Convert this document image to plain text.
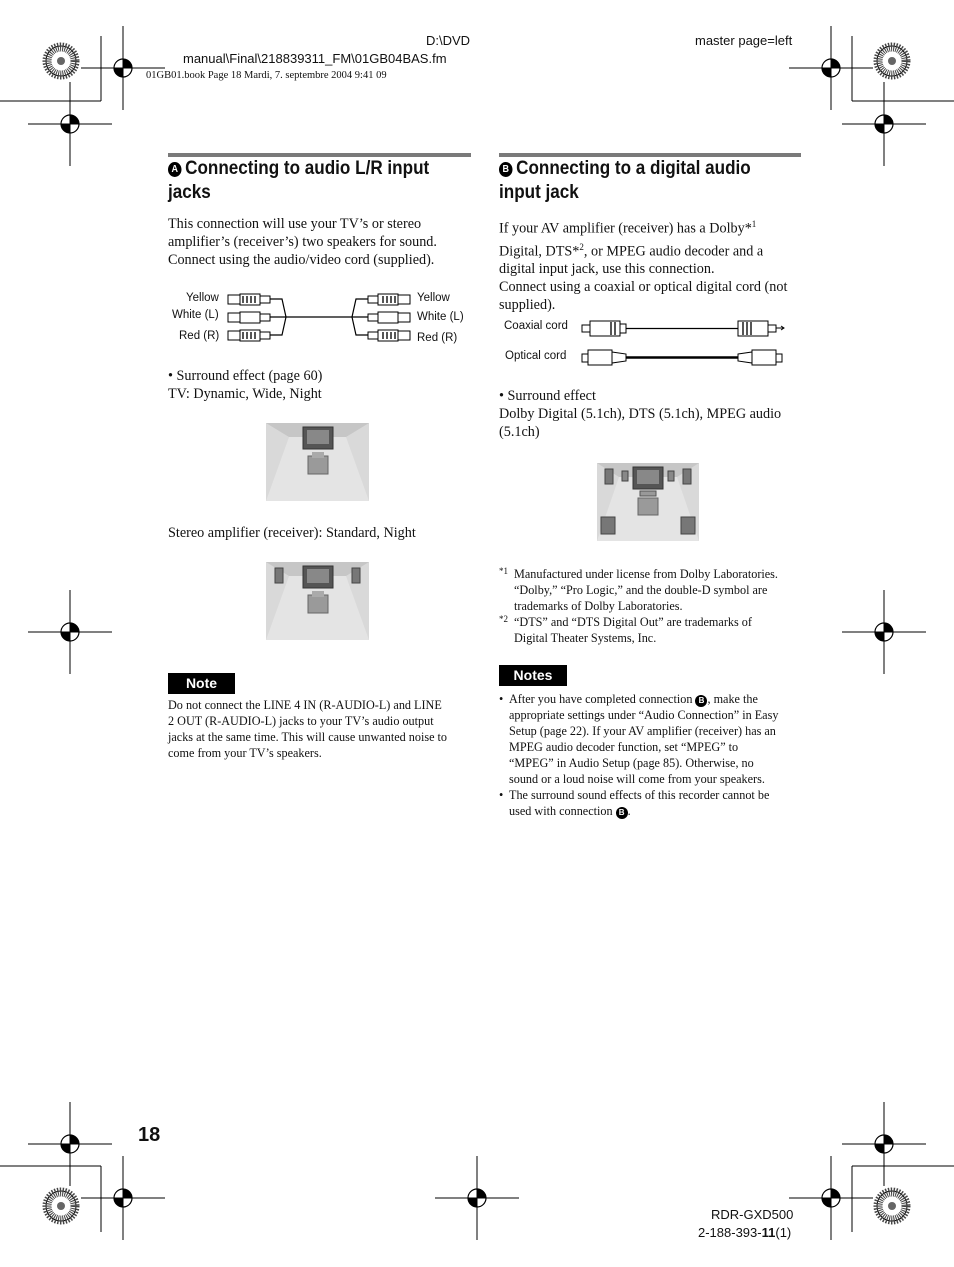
D:\DVD
manual\Final\218839311_FM\01GB04BAS.fm
master page=left
01GB01.book Page 18 Mardi, 7. septembre 2004 9:41 09
A Connecting to audio L/R input
jacks
This connection will use your TV’s or stereo
amplifier’s (receiver’s) two speakers for sound.
Connect using the audio/video cord (supplied).
Yellow
White (L)
Red (R)
Yellow
White (L)
Red (R)
• Surround effect (page 60)
TV: Dynamic, Wide, Night
Stereo amplifier (receiver): Standard, Night
Note
Do not connect the LINE 4 IN (R-AUDIO-L) and LINE
2 OUT (R-AUDIO-L) jacks to your TV’s audio output
jacks at the same time. This will cause unwanted noise to
come from your TV’s speakers.
B Connecting to a digital audio
input jack
If your AV amplifier (receiver) has a Dolby*$^1$
Digital, DTS*$^2$, or MPEG audio decoder and a
digital input jack, use this connection.
Connect using a coaxial or optical digital cord (not
supplied).
Coaxial cord
Optical cord
• Surround effect
Dolby Digital (5.1ch), DTS (5.1ch), MPEG audio
(5.1ch)
*1 Manufactured under license from Dolby Laboratories.
“Dolby,” “Pro Logic,” and the double-D symbol are
trademarks of Dolby Laboratories.
*2 “DTS” and “DTS Digital Out” are trademarks of
Digital Theater Systems, Inc.
Notes
• After you have completed connection B , make the
appropriate settings under “Audio Connection” in Easy
Setup (page 22). If your AV amplifier (receiver) has an
MPEG audio decoder function, set “MPEG” to
“MPEG” in Audio Setup (page 85). Otherwise, no
sound or a loud noise will come from your speakers.
• The surround sound effects of this recorder cannot be
used with connection B .
18
RDR-GXD500
2-188-393-11(1)
